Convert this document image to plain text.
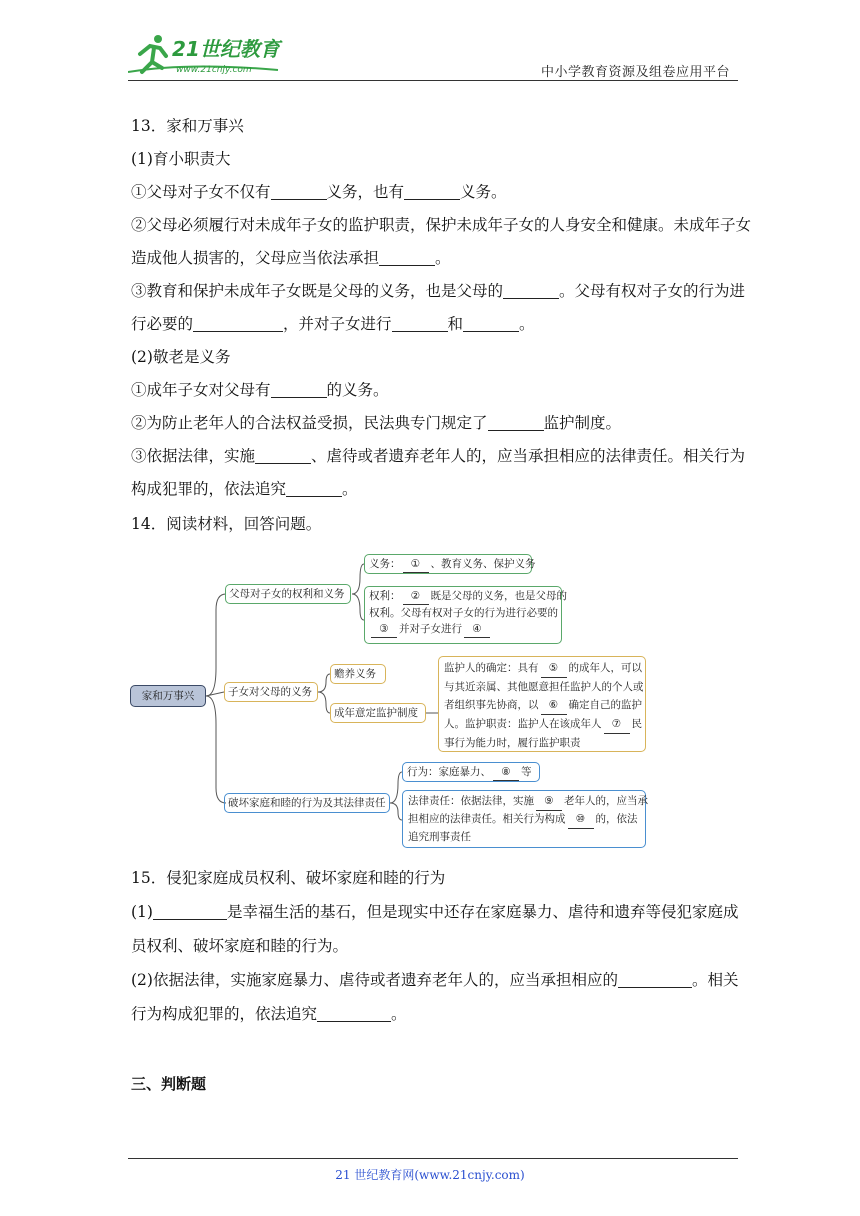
21世纪教育
www.21cnjy.com	中小学教育资源及组卷应用平台
13．家和万事兴
(1)育小职责大
①父母对子女不仅有	义务，也有	义务。
②父母必须履行对未成年子女的监护职责，保护未成年子女的人身安全和健康。未成年子女
造成他人损害的，父母应当依法承担	。
③教育和保护未成年子女既是父母的义务，也是父母的	。父母有权对子女的行为进
行必要的	，并对子女进行	和	。
(2)敬老是义务
①成年子女对父母有	的义务。
②为防止老年人的合法权益受损，民法典专门规定了	监护制度。
③依据法律，实施	、虐待或者遗弃老年人的，应当承担相应的法律责任。相关行为
构成犯罪的，依法追究	。
14．阅读材料，回答问题。
家和万事兴
父母对子女的权利和义务
义务： ① 、教育义务、保护义务
权利： ② 既是父母的义务，也是父母的
权利。父母有权对子女的行为进行必要的
③ 并对子女进行 ④
子女对父母的义务
赡养义务
成年意定监护制度
监护人的确定：具有 ⑤ 的成年人，可以
与其近亲属、其他愿意担任监护人的个人或
者组织事先协商，以 ⑥ 确定自己的监护
人。监护职责：监护人在该成年人 ⑦ 民
事行为能力时，履行监护职责
破坏家庭和睦的行为及其法律责任
行为：家庭暴力、 ⑧ 等
法律责任：依据法律，实施 ⑨ 老年人的，应当承
担相应的法律责任。相关行为构成 ⑩ 的，依法
追究刑事责任
15．侵犯家庭成员权利、破坏家庭和睦的行为
(1)	是幸福生活的基石，但是现实中还存在家庭暴力、虐待和遗弃等侵犯家庭成
员权利、破坏家庭和睦的行为。
(2)依据法律，实施家庭暴力、虐待或者遗弃老年人的，应当承担相应的	。相关
行为构成犯罪的，依法追究	。
三、判断题
21 世纪教育网(www.21cnjy.com)
